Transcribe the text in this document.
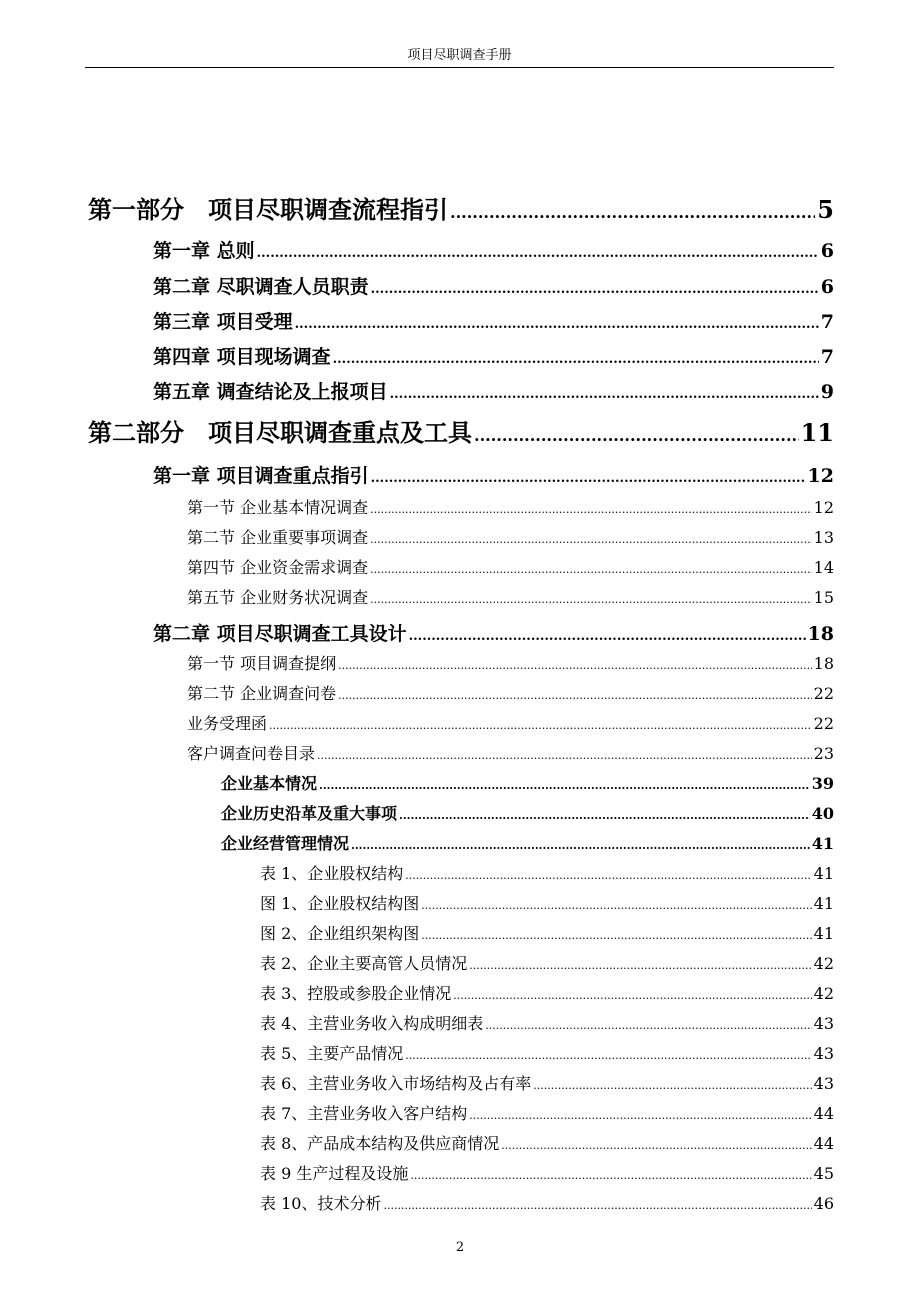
项目尽职调查手册
第一部分　项目尽职调查流程指引 .....	5
第一章 总则 .....	6
第二章 尽职调查人员职责 .....	6
第三章 项目受理 .....	7
第四章 项目现场调查 .....	7
第五章 调查结论及上报项目 .....	9
第二部分　项目尽职调查重点及工具 .....	11
第一章 项目调查重点指引 .....	12
第一节 企业基本情况调查 .....	12
第二节 企业重要事项调查 .....	13
第四节 企业资金需求调查 .....	14
第五节 企业财务状况调查 .....	15
第二章 项目尽职调查工具设计 .....	18
第一节 项目调查提纲 .....	18
第二节 企业调查问卷 .....	22
业务受理函 .....	22
客户调查问卷目录 .....	23
企业基本情况 .....	39
企业历史沿革及重大事项 .....	40
企业经营管理情况 .....	41
表 1、企业股权结构 .....	41
图 1、企业股权结构图 .....	41
图 2、企业组织架构图 .....	41
表 2、企业主要高管人员情况 .....	42
表 3、控股或参股企业情况 .....	42
表 4、主营业务收入构成明细表 .....	43
表 5、主要产品情况 .....	43
表 6、主营业务收入市场结构及占有率 .....	43
表 7、主营业务收入客户结构 .....	44
表 8、产品成本结构及供应商情况 .....	44
表 9 生产过程及设施 .....	45
表 10、技术分析 .....	46
2
